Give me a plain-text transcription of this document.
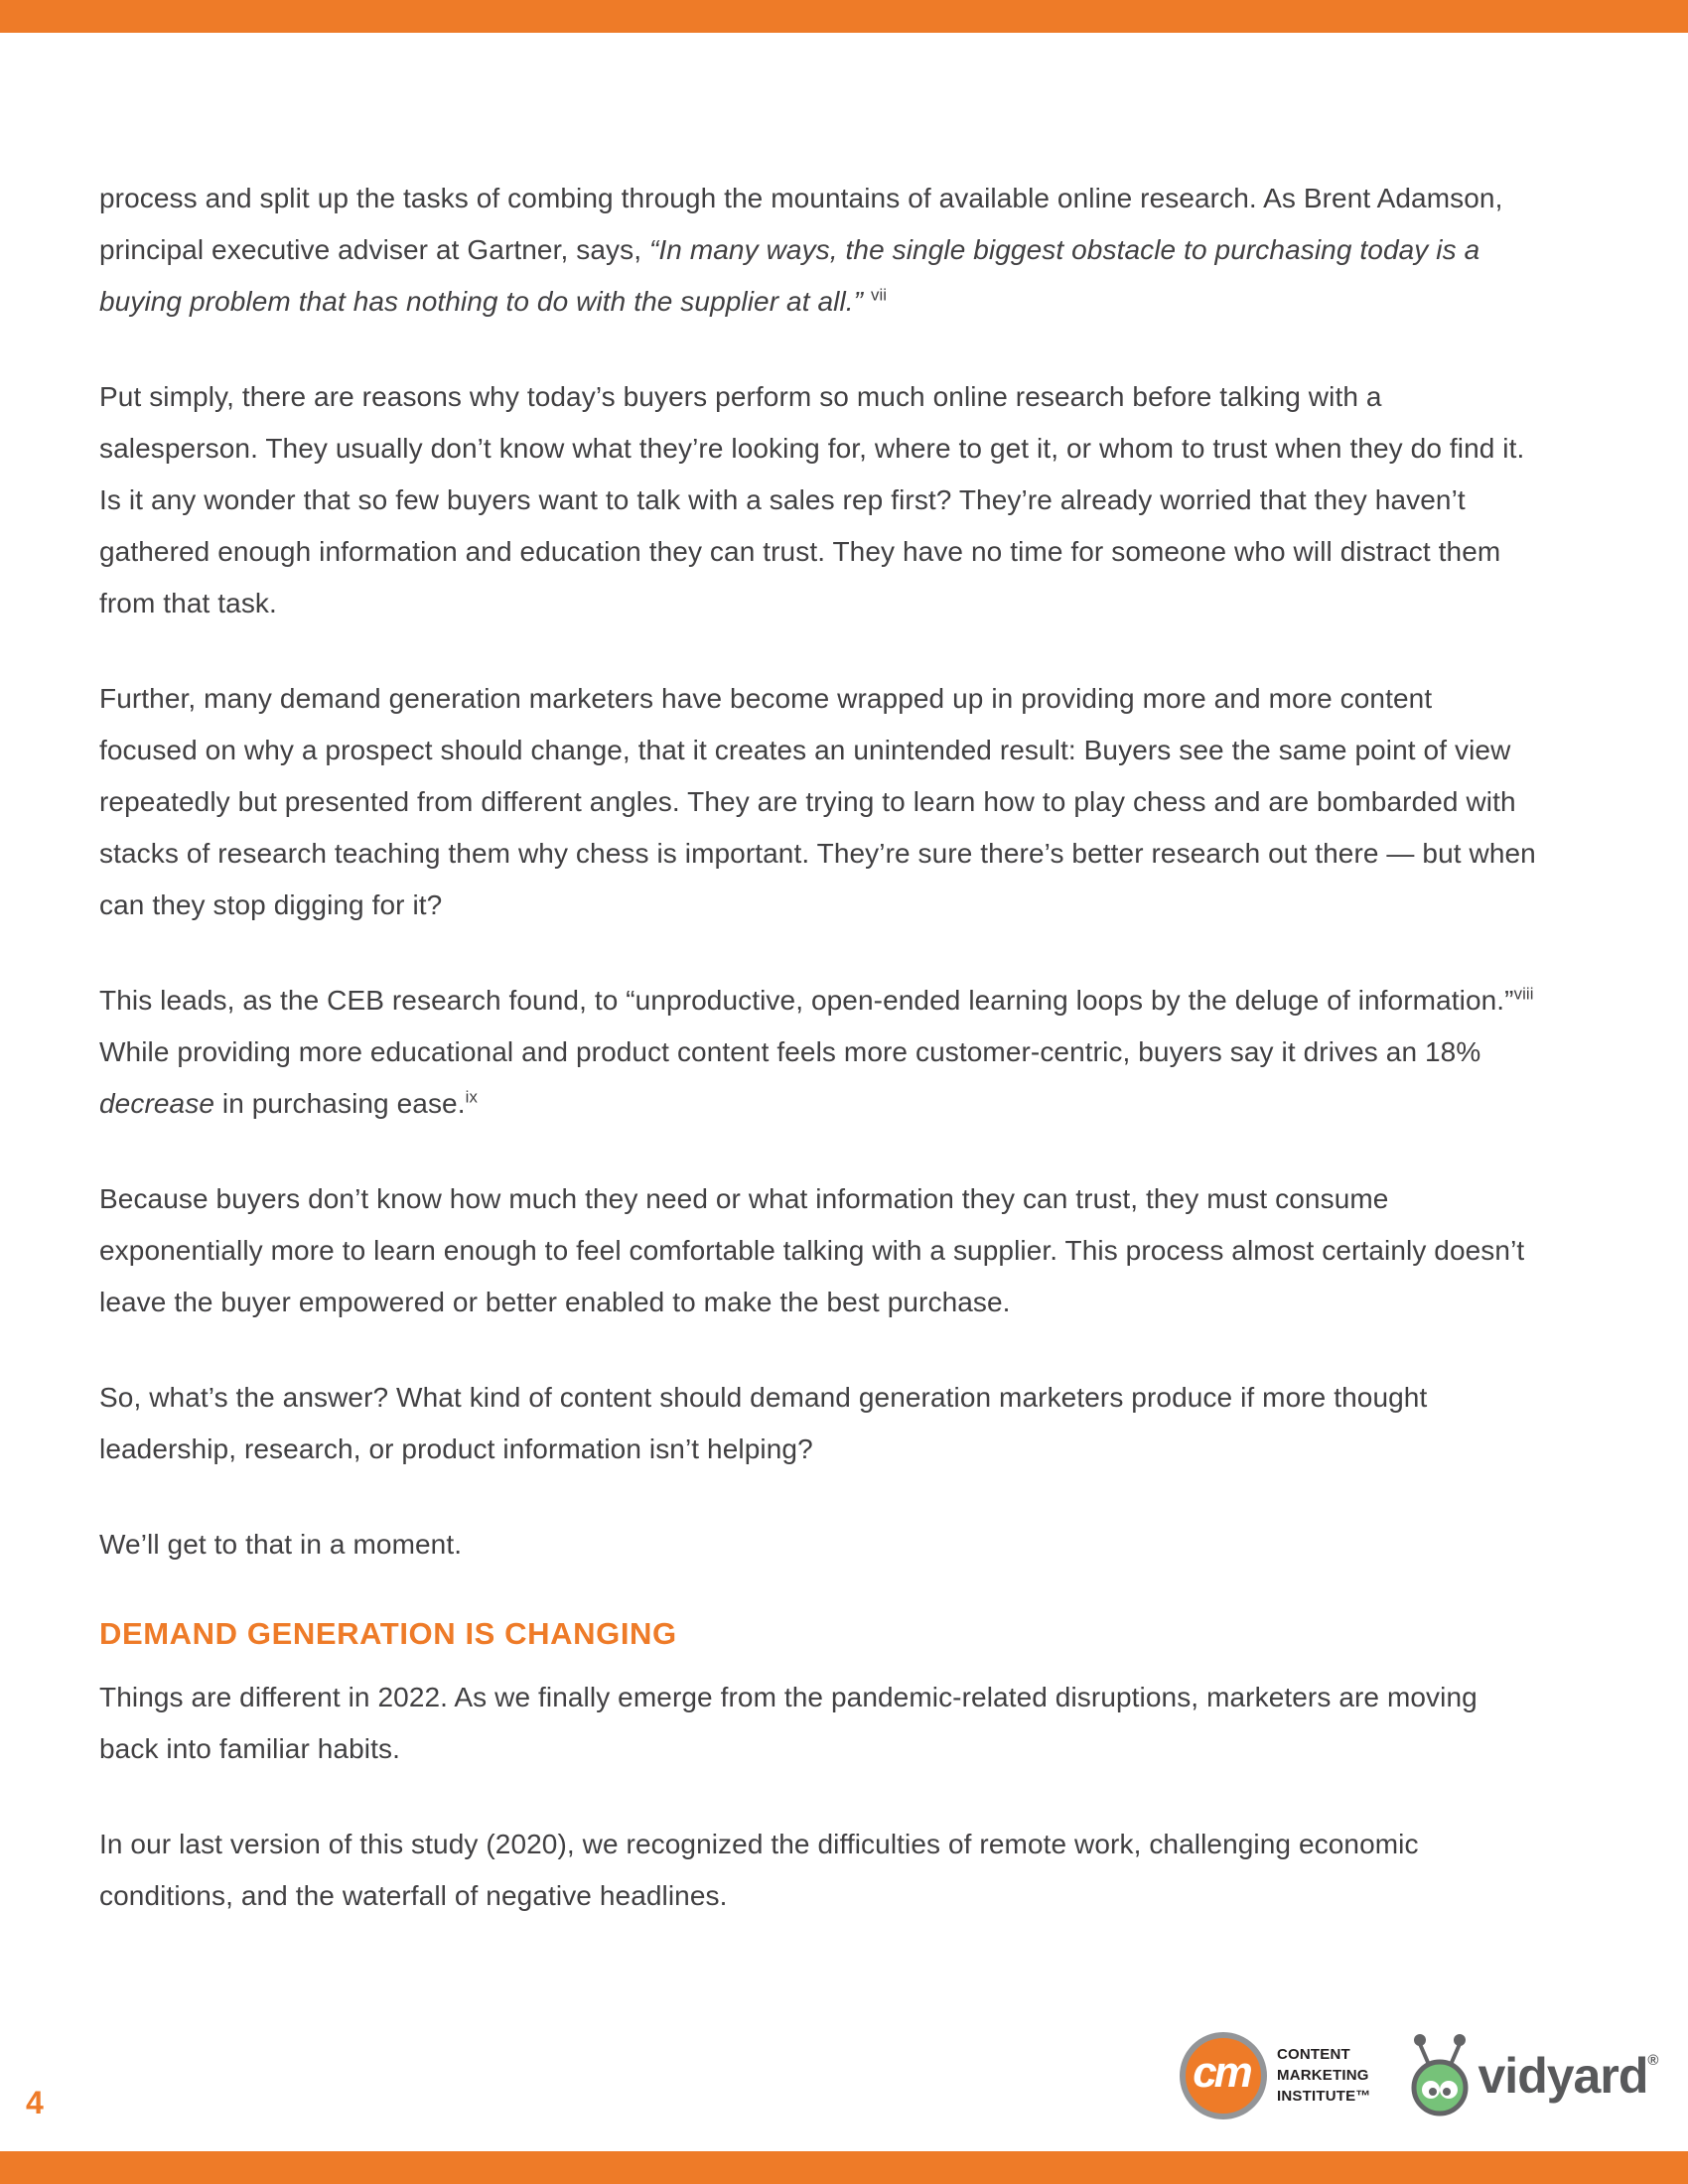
process and split up the tasks of combing through the mountains of available online research. As Brent Adamson, principal executive adviser at Gartner, says, “In many ways, the single biggest obstacle to purchasing today is a buying problem that has nothing to do with the supplier at all.” $^{vii}$

Put simply, there are reasons why today’s buyers perform so much online research before talking with a salesperson. They usually don’t know what they’re looking for, where to get it, or whom to trust when they do find it. Is it any wonder that so few buyers want to talk with a sales rep first? They’re already worried that they haven’t gathered enough information and education they can trust. They have no time for someone who will distract them from that task.

Further, many demand generation marketers have become wrapped up in providing more and more content focused on why a prospect should change, that it creates an unintended result: Buyers see the same point of view repeatedly but presented from different angles. They are trying to learn how to play chess and are bombarded with stacks of research teaching them why chess is important. They’re sure there’s better research out there — but when can they stop digging for it?

This leads, as the CEB research found, to “unproductive, open-ended learning loops by the deluge of information.”$^{viii}$ While providing more educational and product content feels more customer-centric, buyers say it drives an 18% decrease in purchasing ease.$^{ix}$

Because buyers don’t know how much they need or what information they can trust, they must consume exponentially more to learn enough to feel comfortable talking with a supplier. This process almost certainly doesn’t leave the buyer empowered or better enabled to make the best purchase.

So, what’s the answer? What kind of content should demand generation marketers produce if more thought leadership, research, or product information isn’t helping?

We’ll get to that in a moment.

DEMAND GENERATION IS CHANGING

Things are different in 2022. As we finally emerge from the pandemic-related disruptions, marketers are moving back into familiar habits.

In our last version of this study (2020), we recognized the difficulties of remote work, challenging economic conditions, and the waterfall of negative headlines.

4
cm CONTENT
MARKETING
INSTITUTE™ vidyard®
